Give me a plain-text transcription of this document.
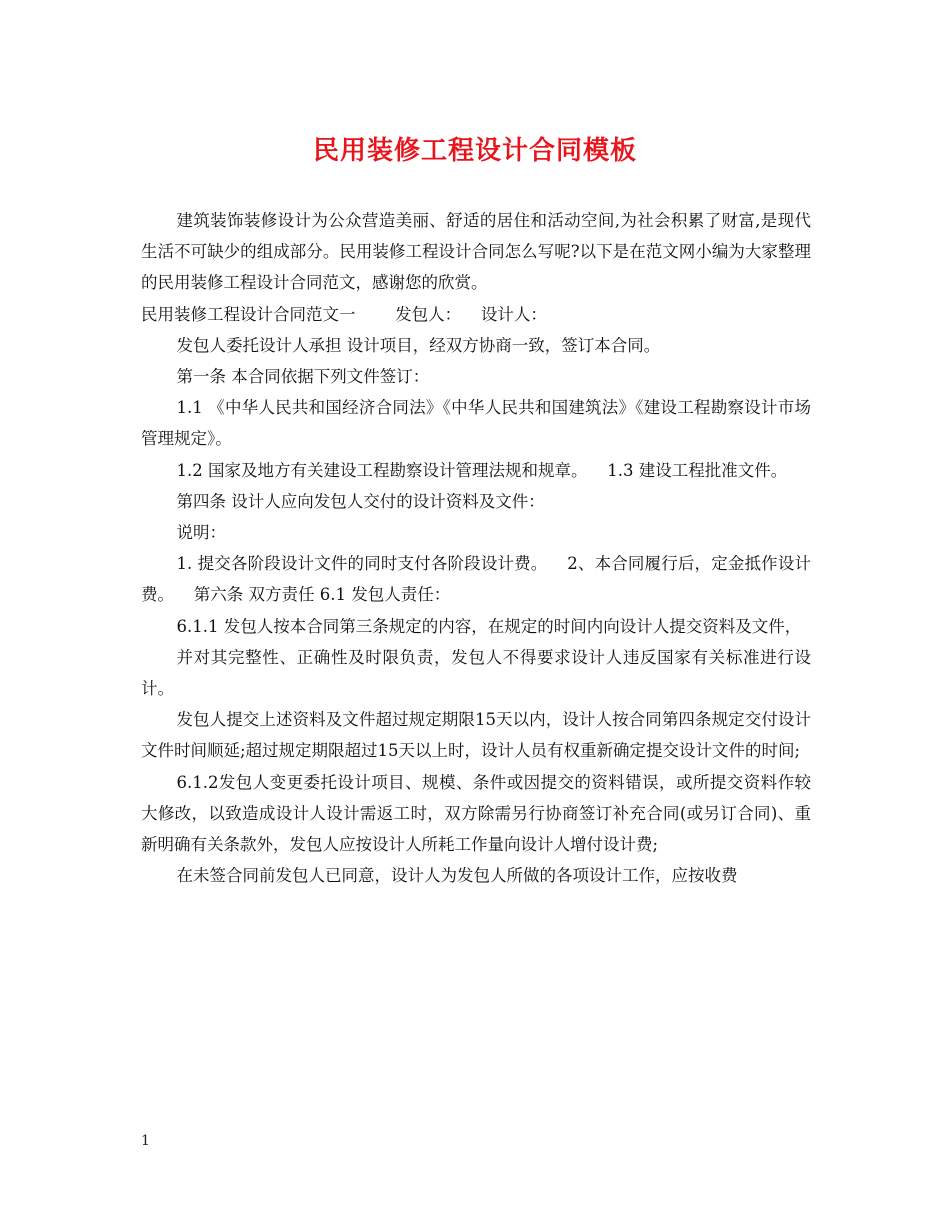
民用装修工程设计合同模板

建筑装饰装修设计为公众营造美丽、舒适的居住和活动空间,为社会积累了财富,是现代生活不可缺少的组成部分。民用装修工程设计合同怎么写呢?以下是在范文网小编为大家整理的民用装修工程设计合同范文，感谢您的欣赏。

民用装修工程设计合同范文一 发包人： 设计人：

发包人委托设计人承担 设计项目，经双方协商一致，签订本合同。

第一条 本合同依据下列文件签订：

1.1 《中华人民共和国经济合同法》《中华人民共和国建筑法》《建设工程勘察设计市场管理规定》。

1.2 国家及地方有关建设工程勘察设计管理法规和规章。 1.3 建设工程批准文件。

第四条 设计人应向发包人交付的设计资料及文件：

说明：

1. 提交各阶段设计文件的同时支付各阶段设计费。 2、本合同履行后，定金抵作设计费。 第六条 双方责任 6.1 发包人责任：

6.1.1 发包人按本合同第三条规定的内容，在规定的时间内向设计人提交资料及文件，

并对其完整性、正确性及时限负责，发包人不得要求设计人违反国家有关标准进行设计。

发包人提交上述资料及文件超过规定期限15天以内，设计人按合同第四条规定交付设计文件时间顺延;超过规定期限超过15天以上时，设计人员有权重新确定提交设计文件的时间;

6.1.2发包人变更委托设计项目、规模、条件或因提交的资料错误，或所提交资料作较大修改，以致造成设计人设计需返工时，双方除需另行协商签订补充合同(或另订合同)、重新明确有关条款外，发包人应按设计人所耗工作量向设计人增付设计费;

在未签合同前发包人已同意，设计人为发包人所做的各项设计工作，应按收费

1
